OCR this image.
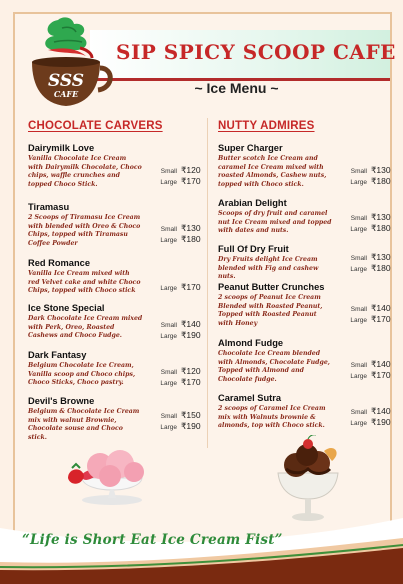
SSS
CAFE
SIP SPICY SCOOP CAFE
~ Ice Menu ~
CHOCOLATE CARVERS	NUTTY ADMIRES
Dairymilk Love
Vanilla Chocolate Ice Cream with Dairymilk Chocolate, Choco chips, waffle crunches and topped Choco Stick.
Small ₹120
Large ₹170
Tiramasu
2 Scoops of Tiramasu Ice Cream with blended with Oreo & Choco Chips, topped with Tiramasu Coffee Powder
Small ₹130
Large ₹180
Red Romance
Vanilla Ice Cream mixed with red Velvet cake and white Choco Chips, topped with Choco stick	Large ₹170
Ice Stone Special
Dark Chocolate Ice Cream mixed with Perk, Oreo, Roasted Cashews and Choco Fudge.
Small ₹140
Large ₹190
Dark Fantasy
Belgium Chocolate Ice Cream, Vanilla scoop and Choco chips, Choco Sticks, Choco pastry.
Small ₹120
Large ₹170
Devil's Browne
Belgium & Chocolate Ice Cream mix with walnut Brownie, Chocolate souse and Choco stick.
Small ₹150
Large ₹190
Super Charger
Butter scotch Ice Cream and caramel Ice Cream mixed with roasted Almonds, Cashew nuts, topped with Choco stick.
Small ₹130
Large ₹180
Arabian Delight
Scoops of dry fruit and caramel nut Ice Cream mixed and topped with dates and nuts.
Small ₹130
Large ₹180
Full Of Dry Fruit
Dry Fruits delight Ice Cream blended with Fig and cashew nuts.
Small ₹130
Large ₹180
Peanut Butter Crunches
2 scoops of Peanut Ice Cream Blended with Roasted Peanut, Topped with Roasted Peanut with Honey
Small ₹140
Large ₹170
Almond Fudge
Chocolate Ice Cream blended with Almonds, Chocolate Fudge, Topped with Almond and Chocolate fudge.
Small ₹140
Large ₹170
Caramel Sutra
2 scoops of Caramel Ice Cream mix with Walnuts brownie & almonds, top with Choco stick.
Small ₹140
Large ₹190
“Life is Short Eat Ice Cream Fist”
